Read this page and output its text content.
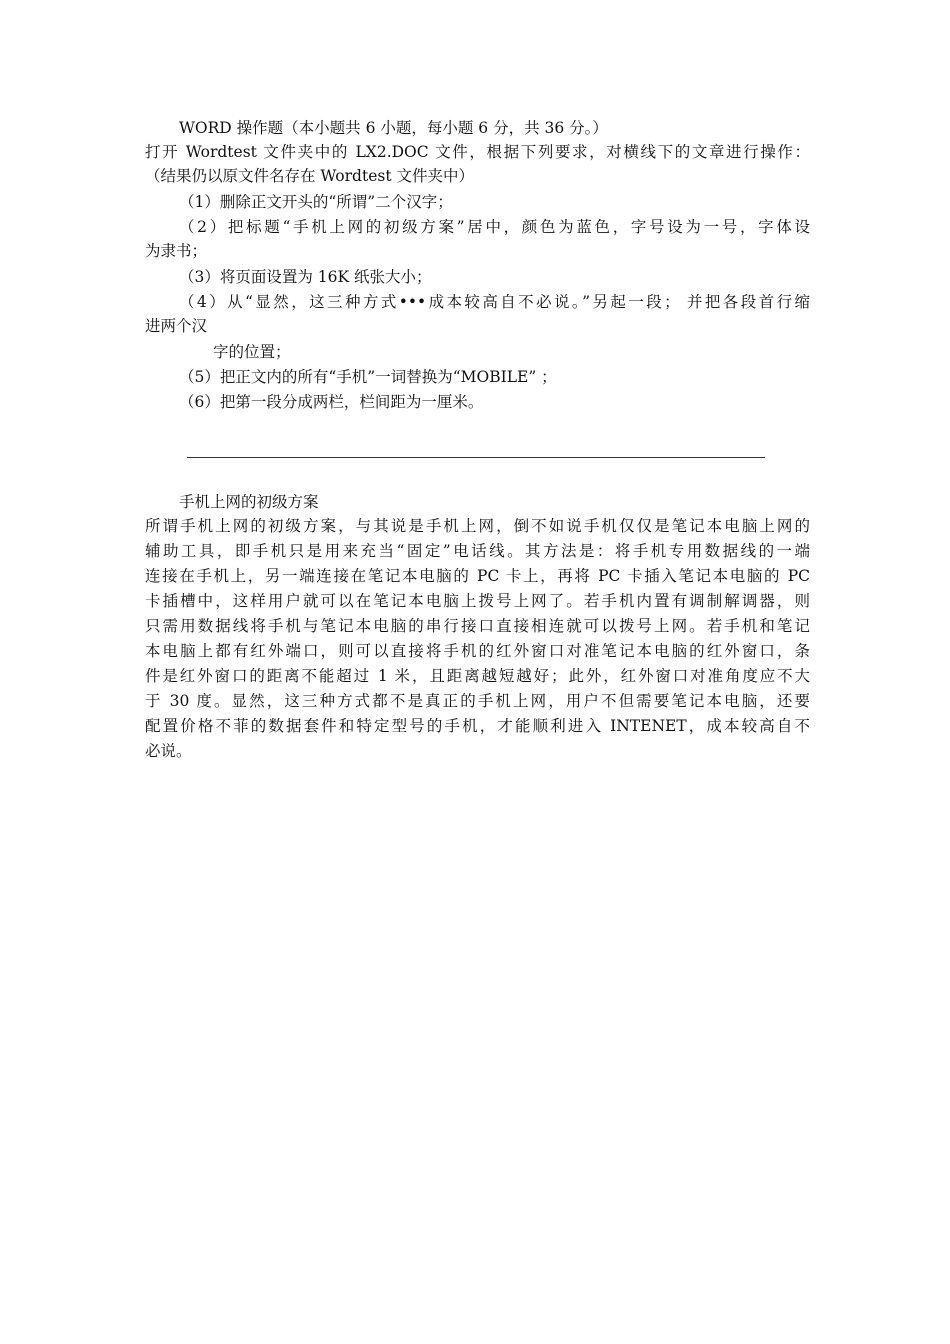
WORD 操作题（本小题共 6 小题，每小题 6 分，共 36 分。）
打开 Wordtest 文件夹中的 LX2.DOC 文件，根据下列要求，对横线下的文章进行操作：
（结果仍以原文件名存在 Wordtest 文件夹中）
（1）删除正文开头的“所谓”二个汉字；
（2）把标题“手机上网的初级方案”居中，颜色为蓝色，字号设为一号，字体设
为隶书；
（3）将页面设置为 16K 纸张大小；
（4）从“显然，这三种方式•••成本较高自不必说。”另起一段； 并把各段首行缩
进两个汉
字的位置；
（5）把正文内的所有“手机”一词替换为“MOBILE” ；
（6）把第一段分成两栏，栏间距为一厘米。
手机上网的初级方案
所谓手机上网的初级方案，与其说是手机上网，倒不如说手机仅仅是笔记本电脑上网的
辅助工具，即手机只是用来充当“固定”电话线。其方法是：将手机专用数据线的一端
连接在手机上，另一端连接在笔记本电脑的 PC 卡上，再将 PC 卡插入笔记本电脑的 PC
卡插槽中，这样用户就可以在笔记本电脑上拨号上网了。若手机内置有调制解调器，则
只需用数据线将手机与笔记本电脑的串行接口直接相连就可以拨号上网。若手机和笔记
本电脑上都有红外端口，则可以直接将手机的红外窗口对准笔记本电脑的红外窗口，条
件是红外窗口的距离不能超过 1 米，且距离越短越好；此外，红外窗口对准角度应不大
于 30 度。显然，这三种方式都不是真正的手机上网，用户不但需要笔记本电脑，还要
配置价格不菲的数据套件和特定型号的手机，才能顺利进入 INTENET，成本较高自不
必说。
